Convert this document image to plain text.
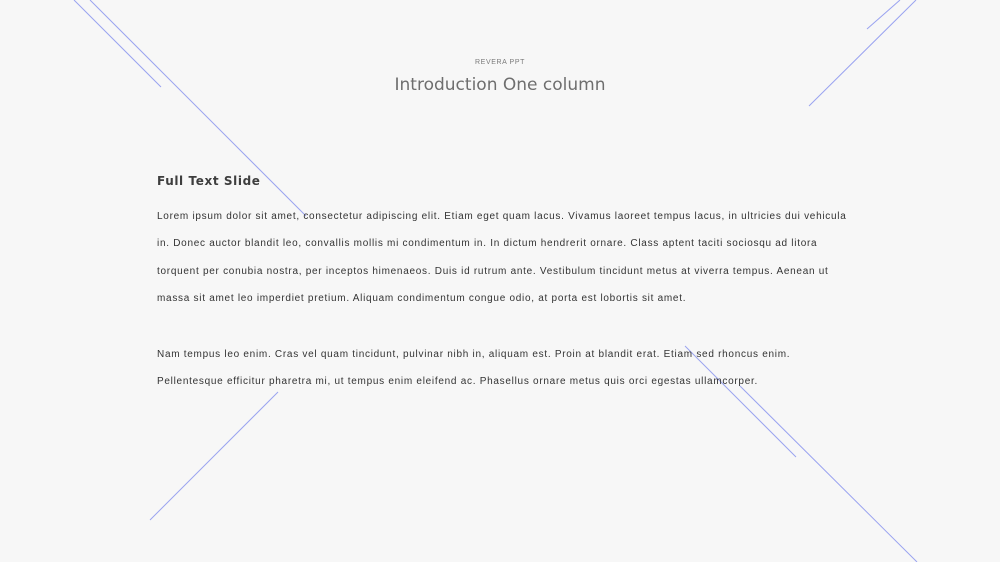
REVERA PPT
Introduction One column
Full Text Slide

Lorem ipsum dolor sit amet, consectetur adipiscing elit. Etiam eget quam lacus. Vivamus laoreet tempus lacus, in ultricies dui vehicula in. Donec auctor blandit leo, convallis mollis mi condimentum in. In dictum hendrerit ornare. Class aptent taciti sociosqu ad litora torquent per conubia nostra, per inceptos himenaeos. Duis id rutrum ante. Vestibulum tincidunt metus at viverra tempus. Aenean ut massa sit amet leo imperdiet pretium. Aliquam condimentum congue odio, at porta est lobortis sit amet.

Nam tempus leo enim. Cras vel quam tincidunt, pulvinar nibh in, aliquam est. Proin at blandit erat. Etiam sed rhoncus enim. Pellentesque efficitur pharetra mi, ut tempus enim eleifend ac. Phasellus ornare metus quis orci egestas ullamcorper.
